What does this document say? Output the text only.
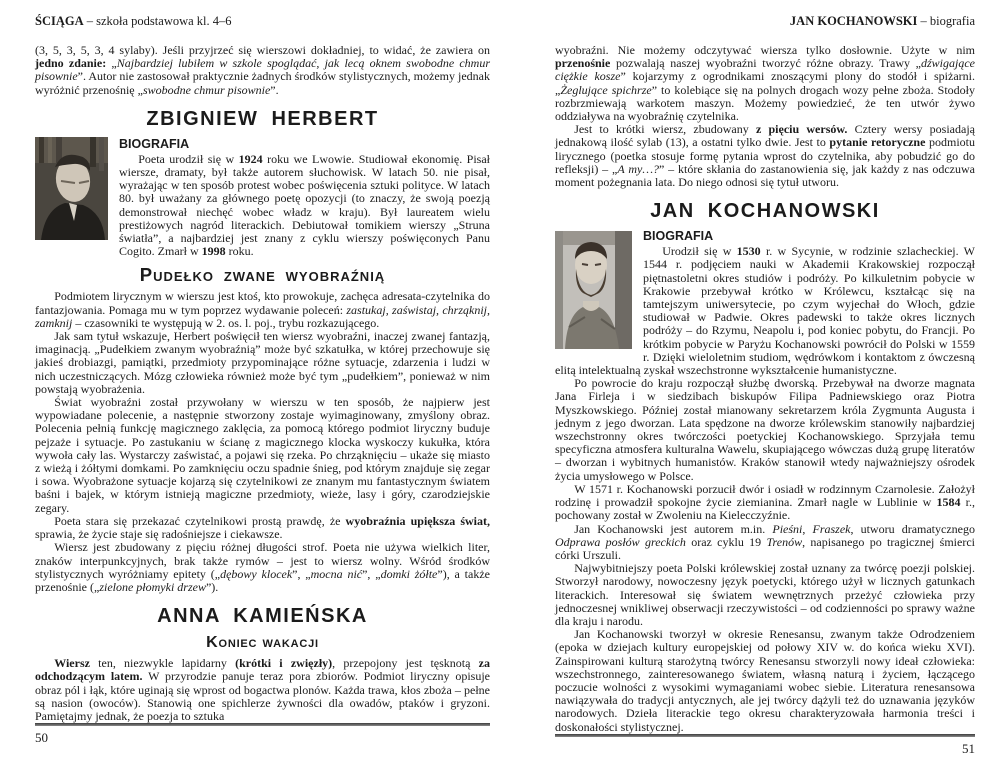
ŚCIĄGA – szkoła podstawowa kl. 4–6

(3, 5, 3, 5, 3, 4 sylaby). Jeśli przyjrzeć się wierszowi dokładniej, to widać, że zawiera on jedno zdanie: „Najbardziej lubiłem w szkole spoglądać, jak lecą oknem swobodne chmur pisownie”. Autor nie zastosował praktycznie żadnych środków stylistycznych, możemy jednak wyróżnić przenośnię „swobodne chmur pisownie”.

ZBIGNIEW HERBERT
BIOGRAFIA

Poeta urodził się w 1924 roku we Lwowie. Studiował ekonomię. Pisał wiersze, dramaty, był także autorem słuchowisk. W latach 50. nie pisał, wyrażając w ten sposób protest wobec poświęcenia sztuki polityce. W latach 80. był uważany za głównego poetę opozycji (to znaczy, że swoją poezją demonstrował niechęć wobec władz w kraju). Był laureatem wielu prestiżowych nagród literackich. Debiutował tomikiem wierszy „Struna światła”, a najbardziej jest znany z cyklu wierszy poświęconych Panu Cogito. Zmarł w 1998 roku.

Pudełko zwane wyobraźnią

Podmiotem lirycznym w wierszu jest ktoś, kto prowokuje, zachęca adresata-czytelnika do fantazjowania. Pomaga mu w tym poprzez wydawanie poleceń: zastukaj, zaświstaj, chrząknij, zamknij – czasowniki te występują w 2. os. l. poj., trybu rozkazującego.

Jak sam tytuł wskazuje, Herbert poświęcił ten wiersz wyobraźni, inaczej zwanej fantazją, imaginacją. „Pudełkiem zwanym wyobraźnią” może być szkatułka, w której przechowuje się jakieś drobiazgi, pamiątki, przedmioty przypominające różne sytuacje, zdarzenia i ludzi w nich uczestniczących. Mózg człowieka również może być tym „pudełkiem”, ponieważ w nim powstają wyobrażenia.

Świat wyobraźni został przywołany w wierszu w ten sposób, że najpierw jest wypowiadane polecenie, a następnie stworzony zostaje wyimaginowany, zmyślony obraz. Polecenia pełnią funkcję magicznego zaklęcia, za pomocą którego podmiot liryczny buduje pejzaże i sytuacje. Po zastukaniu w ścianę z magicznego klocka wyskoczy kukułka, która wywoła cały las. Wystarczy zaświstać, a pojawi się rzeka. Po chrząknięciu – ukaże się miasto z wieżą i żółtymi domkami. Po zamknięciu oczu spadnie śnieg, pod którym znajduje się zegar i sowa. Wyobrażone sytuacje kojarzą się czytelnikowi ze znanym mu fantastycznym światem baśni i bajek, w którym istnieją magiczne przedmioty, wieże, lasy i góry, czarodziejskie zegary.

Poeta stara się przekazać czytelnikowi prostą prawdę, że wyobraźnia upiększa świat, sprawia, że życie staje się radośniejsze i ciekawsze.

Wiersz jest zbudowany z pięciu różnej długości strof. Poeta nie używa wielkich liter, znaków interpunkcyjnych, brak także rymów – jest to wiersz wolny. Wśród środków stylistycznych wyróżniamy epitety („dębowy klocek”, „mocna nić”, „domki żółte”), a także przenośnie („zielone płomyki drzew”).

ANNA KAMIEŃSKA
Koniec wakacji

Wiersz ten, niezwykle lapidarny (krótki i zwięzły), przepojony jest tęsknotą za odchodzącym latem. W przyrodzie panuje teraz pora zbiorów. Podmiot liryczny opisuje obraz pól i łąk, które uginają się wprost od bogactwa plonów. Każda trawa, kłos zboża – pełne są nasion (owoców). Stanowią one spichlerze żywności dla owadów, ptaków i gryzoni. Pamiętajmy jednak, że poezja to sztuka

50
JAN KOCHANOWSKI – biografia

wyobraźni. Nie możemy odczytywać wiersza tylko dosłownie. Użyte w nim przenośnie pozwalają naszej wyobraźni tworzyć różne obrazy. Trawy „dźwigające ciężkie kosze” kojarzymy z ogrodnikami znoszącymi plony do stodół i spiżarni. „Żeglujące spichrze” to kolebiące się na polnych drogach wozy pełne zboża. Stodoły rozbrzmiewają warkotem maszyn. Możemy powiedzieć, że ten utwór żywo oddziaływa na wyobraźnię czytelnika.

Jest to krótki wiersz, zbudowany z pięciu wersów. Cztery wersy posiadają jednakową ilość sylab (13), a ostatni tylko dwie. Jest to pytanie retoryczne podmiotu lirycznego (poetka stosuje formę pytania wprost do czytelnika, aby pobudzić go do refleksji) – „A my…?” – które skłania do zastanowienia się, jak każdy z nas odczuwa moment pożegnania lata. Do niego odnosi się tytuł utworu.

JAN KOCHANOWSKI
BIOGRAFIA

Urodził się w 1530 r. w Sycynie, w rodzinie szlacheckiej. W 1544 r. podjęciem nauki w Akademii Krakowskiej rozpoczął piętnastoletni okres studiów i podróży. Po kilkuletnim pobycie w Krakowie przebywał krótko w Królewcu, kształcąc się na tamtejszym uniwersytecie, po czym wyjechał do Włoch, gdzie studiował w Padwie. Okres padewski to także okres licznych podróży – do Rzymu, Neapolu i, pod koniec pobytu, do Francji. Po krótkim pobycie w Paryżu Kochanowski powrócił do Polski w 1559 r. Dzięki wieloletnim studiom, wędrówkom i kontaktom z ówczesną elitą intelektualną zyskał wszechstronne wykształcenie humanistyczne.

Po powrocie do kraju rozpoczął służbę dworską. Przebywał na dworze magnata Jana Firleja i w siedzibach biskupów Filipa Padniewskiego oraz Piotra Myszkowskiego. Później został mianowany sekretarzem króla Zygmunta Augusta i jednym z jego dworzan. Lata spędzone na dworze królewskim stanowiły najbardziej wszechstronny okres twórczości poetyckiej Kochanowskiego. Sprzyjała temu specyficzna atmosfera kulturalna Wawelu, skupiającego wówczas dużą grupę literatów – dworzan i wybitnych humanistów. Kraków stanowił wtedy najważniejszy ośrodek życia umysłowego w Polsce.

W 1571 r. Kochanowski porzucił dwór i osiadł w rodzinnym Czarnolesie. Założył rodzinę i prowadził spokojne życie ziemianina. Zmarł nagle w Lublinie w 1584 r., pochowany został w Zwoleniu na Kielecczyźnie.

Jan Kochanowski jest autorem m.in. Pieśni, Fraszek, utworu dramatycznego Odprawa posłów greckich oraz cyklu 19 Trenów, napisanego po tragicznej śmierci córki Urszuli.

Najwybitniejszy poeta Polski królewskiej został uznany za twórcę poezji polskiej. Stworzył narodowy, nowoczesny język poetycki, którego użył w licznych gatunkach literackich. Interesował się światem wewnętrznych przeżyć człowieka przy jednoczesnej wnikliwej obserwacji rzeczywistości – od codzienności po sprawy ważne dla kraju i narodu.

Jan Kochanowski tworzył w okresie Renesansu, zwanym także Odrodzeniem (epoka w dziejach kultury europejskiej od połowy XIV w. do końca wieku XVI). Zainspirowani kulturą starożytną twórcy Renesansu stworzyli nowy ideał człowieka: wszechstronnego, zainteresowanego światem, własną naturą i życiem, łączącego poczucie wolności z wysokimi wymaganiami wobec siebie. Literatura renesansowa nawiązywała do tradycji antycznych, ale jej twórcy dążyli też do uznawania języków narodowych. Dzieła literackie tego okresu charakteryzowała harmonia treści i doskonałości stylistycznej.

51
